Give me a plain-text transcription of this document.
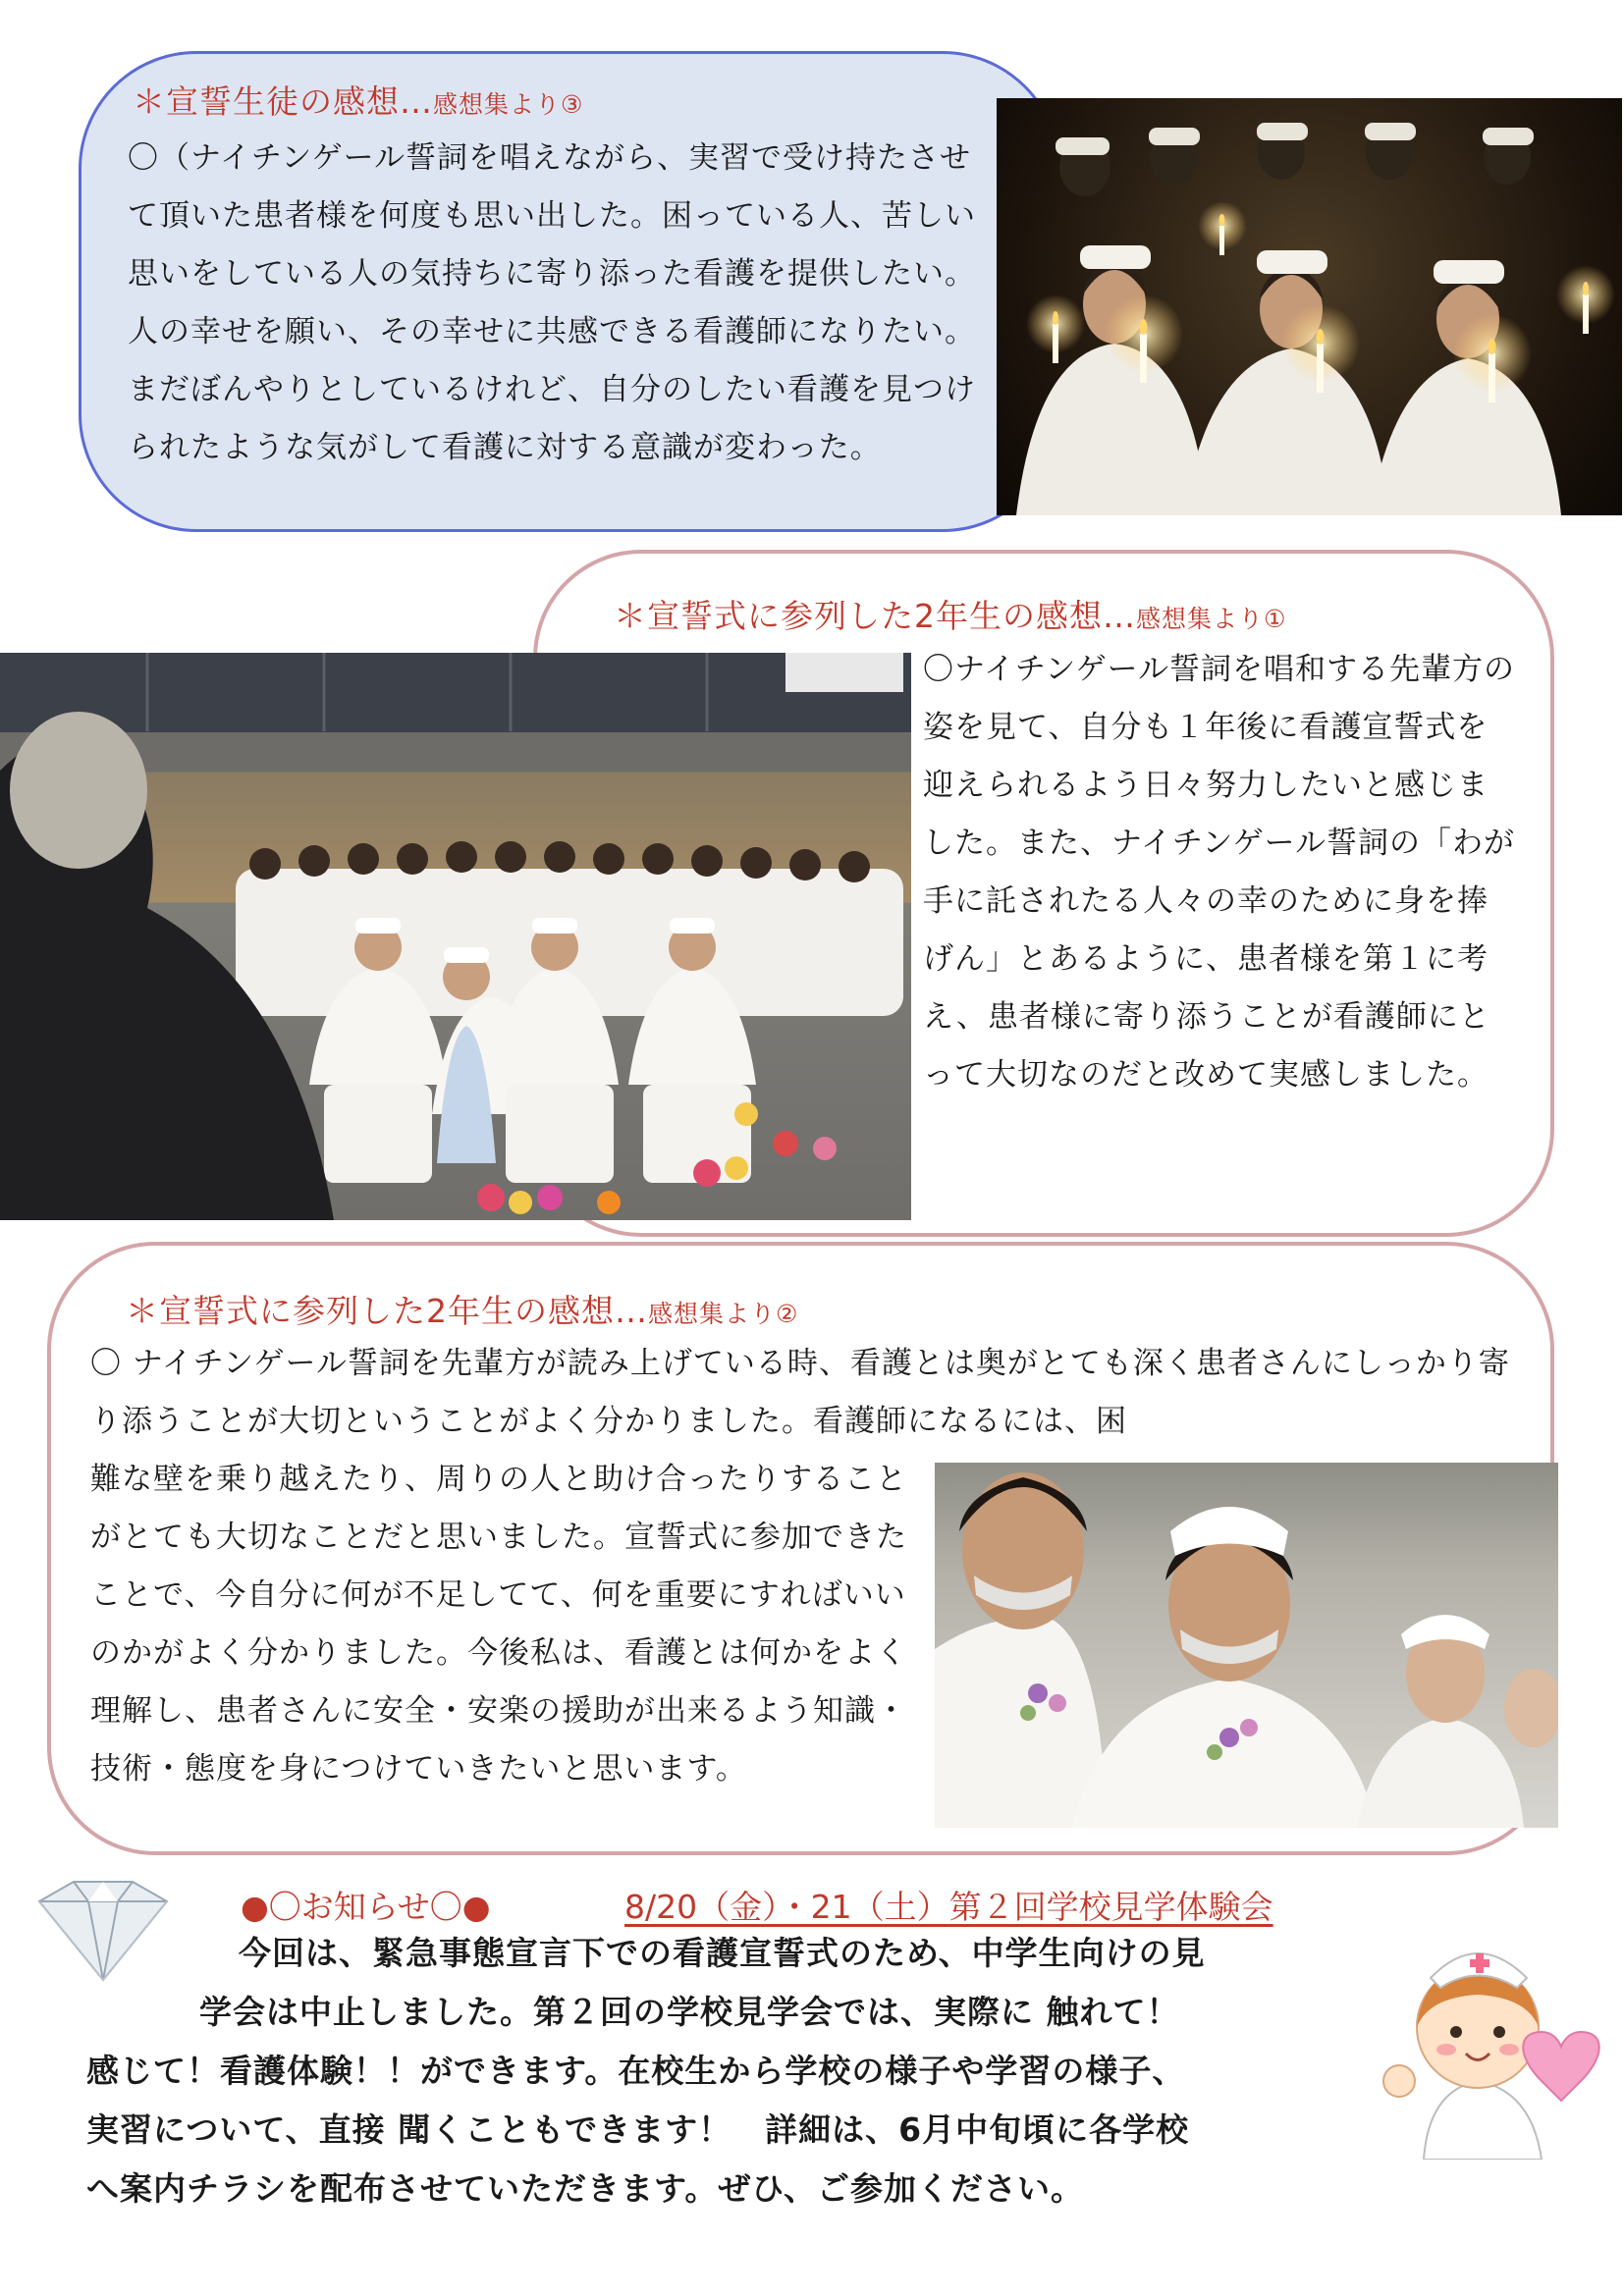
＊宣誓生徒の感想…感想集より③

〇（ナイチンゲール誓詞を唱えながら、実習で受け持たさせて頂いた患者様を何度も思い出した。困っている人、苦しい思いをしている人の気持ちに寄り添った看護を提供したい。人の幸せを願い、その幸せに共感できる看護師になりたい。まだぼんやりとしているけれど、自分のしたい看護を見つけられたような気がして看護に対する意識が変わった。

＊宣誓式に参列した2年生の感想…感想集より①

〇ナイチンゲール誓詞を唱和する先輩方の姿を見て、自分も１年後に看護宣誓式を迎えられるよう日々努力したいと感じました。また、ナイチンゲール誓詞の「わが手に託されたる人々の幸のために身を捧げん」とあるように、患者様を第１に考え、患者様に寄り添うことが看護師にとって大切なのだと改めて実感しました。

＊宣誓式に参列した2年生の感想…感想集より②

〇 ナイチンゲール誓詞を先輩方が読み上げている時、看護とは奥がとても深く患者さんにしっかり寄り添うことが大切ということがよく分かりました。看護師になるには、困

難な壁を乗り越えたり、周りの人と助け合ったりすることがとても大切なことだと思いました。宣誓式に参加できたことで、今自分に何が不足してて、何を重要にすればいいのかがよく分かりました。今後私は、看護とは何かをよく理解し、患者さんに安全・安楽の援助が出来るよう知識・技術・態度を身につけていきたいと思います。

●〇お知らせ〇●	8/20（金）・21（土）第２回学校見学体験会
今回は、緊急事態宣言下での看護宣誓式のため、中学生向けの見
学会は中止しました。第２回の学校見学会では、実際に 触れて！
感じて！看護体験！！ができます。在校生から学校の様子や学習の様子、
実習について、直接 聞くこともできます！　詳細は、6月中旬頃に各学校
へ案内チラシを配布させていただきます。ぜひ、ご参加ください。
